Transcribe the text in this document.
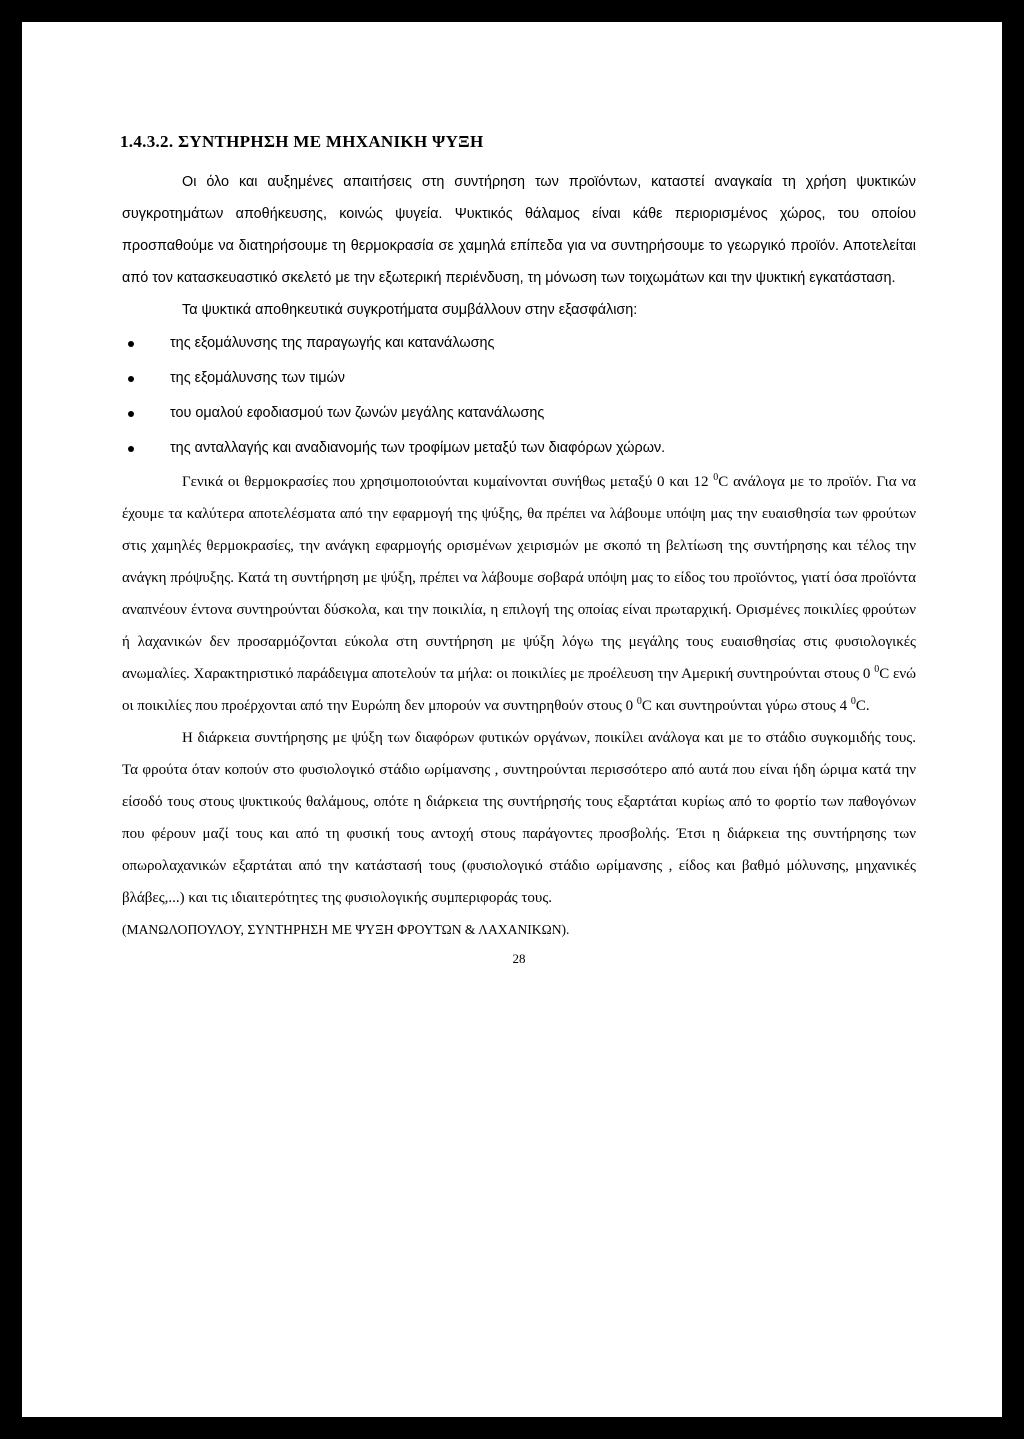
1.4.3.2. ΣΥΝΤΗΡΗΣΗ ΜΕ ΜΗΧΑΝΙΚΗ ΨΥΞΗ

Οι όλο και αυξημένες απαιτήσεις στη συντήρηση των προϊόντων, καταστεί αναγκαία τη χρήση ψυκτικών συγκροτημάτων αποθήκευσης, κοινώς ψυγεία. Ψυκτικός θάλαμος είναι κάθε περιορισμένος χώρος, του οποίου προσπαθούμε να διατηρήσουμε τη θερμοκρασία σε χαμηλά επίπεδα για να συντηρήσουμε το γεωργικό προϊόν. Αποτελείται από τον κατασκευαστικό σκελετό με την εξωτερική περιένδυση, τη μόνωση των τοιχωμάτων και την ψυκτική εγκατάσταση.

Τα ψυκτικά αποθηκευτικά συγκροτήματα συμβάλλουν στην εξασφάλιση:

της εξομάλυνσης της παραγωγής και κατανάλωσης
της εξομάλυνσης των τιμών
του ομαλού εφοδιασμού των ζωνών μεγάλης κατανάλωσης
της ανταλλαγής και αναδιανομής των τροφίμων μεταξύ των διαφόρων χώρων.

Γενικά οι θερμοκρασίες που χρησιμοποιούνται κυμαίνονται συνήθως μεταξύ 0 και 12 $^0$C ανάλογα με το προϊόν. Για να έχουμε τα καλύτερα αποτελέσματα από την εφαρμογή της ψύξης, θα πρέπει να λάβουμε υπόψη μας την ευαισθησία των φρούτων στις χαμηλές θερμοκρασίες, την ανάγκη εφαρμογής ορισμένων χειρισμών με σκοπό τη βελτίωση της συντήρησης και τέλος την ανάγκη πρόψυξης. Κατά τη συντήρηση με ψύξη, πρέπει να λάβουμε σοβαρά υπόψη μας το είδος του προϊόντος, γιατί όσα προϊόντα αναπνέουν έντονα συντηρούνται δύσκολα, και την ποικιλία, η επιλογή της οποίας είναι πρωταρχική. Ορισμένες ποικιλίες φρούτων ή λαχανικών δεν προσαρμόζονται εύκολα στη συντήρηση με ψύξη λόγω της μεγάλης τους ευαισθησίας στις φυσιολογικές ανωμαλίες. Χαρακτηριστικό παράδειγμα αποτελούν τα μήλα: οι ποικιλίες με προέλευση την Αμερική συντηρούνται στους 0 $^0$C ενώ οι ποικιλίες που προέρχονται από την Ευρώπη δεν μπορούν να συντηρηθούν στους 0 $^0$C και συντηρούνται γύρω στους 4 $^0$C.

Η διάρκεια συντήρησης με ψύξη των διαφόρων φυτικών οργάνων, ποικίλει ανάλογα και με το στάδιο συγκομιδής τους. Τα φρούτα όταν κοπούν στο φυσιολογικό στάδιο ωρίμανσης , συντηρούνται περισσότερο από αυτά που είναι ήδη ώριμα κατά την είσοδό τους στους ψυκτικούς θαλάμους, οπότε η διάρκεια της συντήρησής τους εξαρτάται κυρίως από το φορτίο των παθογόνων που φέρουν μαζί τους και από τη φυσική τους αντοχή στους παράγοντες προσβολής. Έτσι η διάρκεια της συντήρησης των οπωρολαχανικών εξαρτάται από την κατάστασή τους (φυσιολογικό στάδιο ωρίμανσης , είδος και βαθμό μόλυνσης, μηχανικές βλάβες,...) και τις ιδιαιτερότητες της φυσιολογικής συμπεριφοράς τους.

(ΜΑΝΩΛΟΠΟΥΛΟΥ, ΣΥΝΤΗΡΗΣΗ ΜΕ ΨΥΞΗ ΦΡΟΥΤΩΝ & ΛΑΧΑΝΙΚΩΝ).

28
